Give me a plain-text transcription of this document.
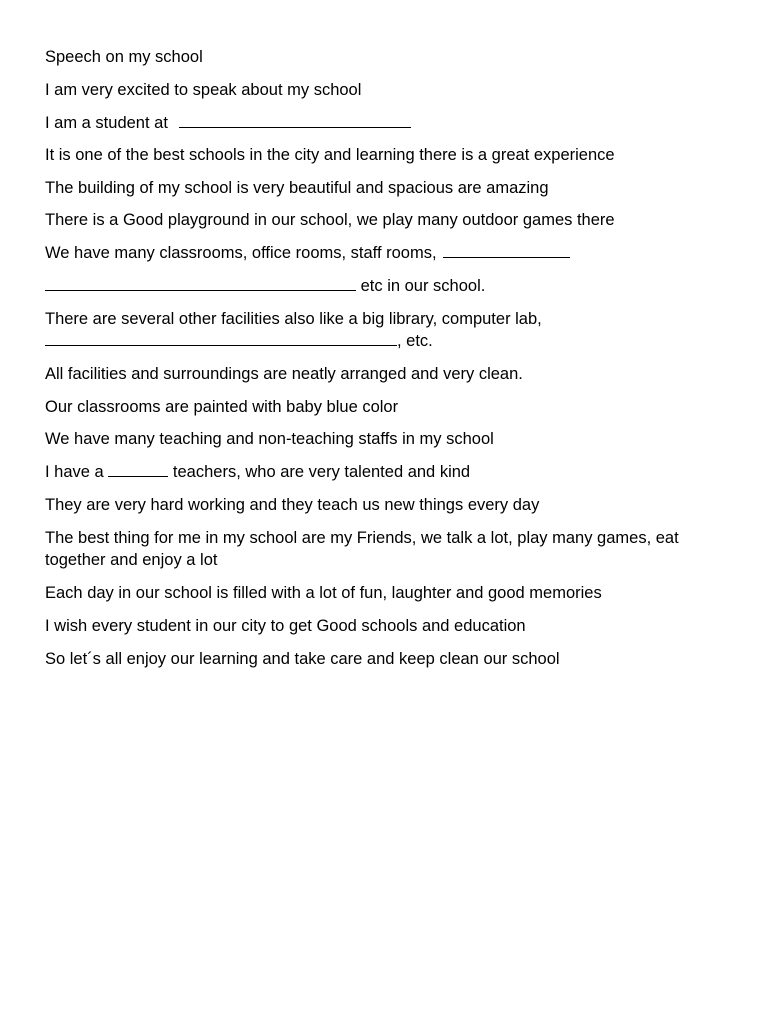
Speech on my school
I am very excited to speak about my school
I am a student at
It is one of the best schools in the city and learning there is a great experience
The building of my school is very beautiful and spacious are amazing
There is a Good playground in our school, we play many outdoor games there
We have many classrooms, office rooms, staff rooms,
etc in our school.
There are several other facilities also like a big library, computer lab,
, etc.
All facilities and surroundings are neatly arranged and very clean.
Our classrooms are painted with baby blue color
We have many teaching and non-teaching staffs in my school
I have a	teachers, who are very talented and kind
They are very hard working and they teach us new things every day
The best thing for me in my school are my Friends, we talk a lot, play many games, eat together and enjoy a lot
Each day in our school is filled with a lot of fun, laughter and good memories
I wish every student in our city to get Good schools and education
So let´s all enjoy our learning and take care and keep clean our school
